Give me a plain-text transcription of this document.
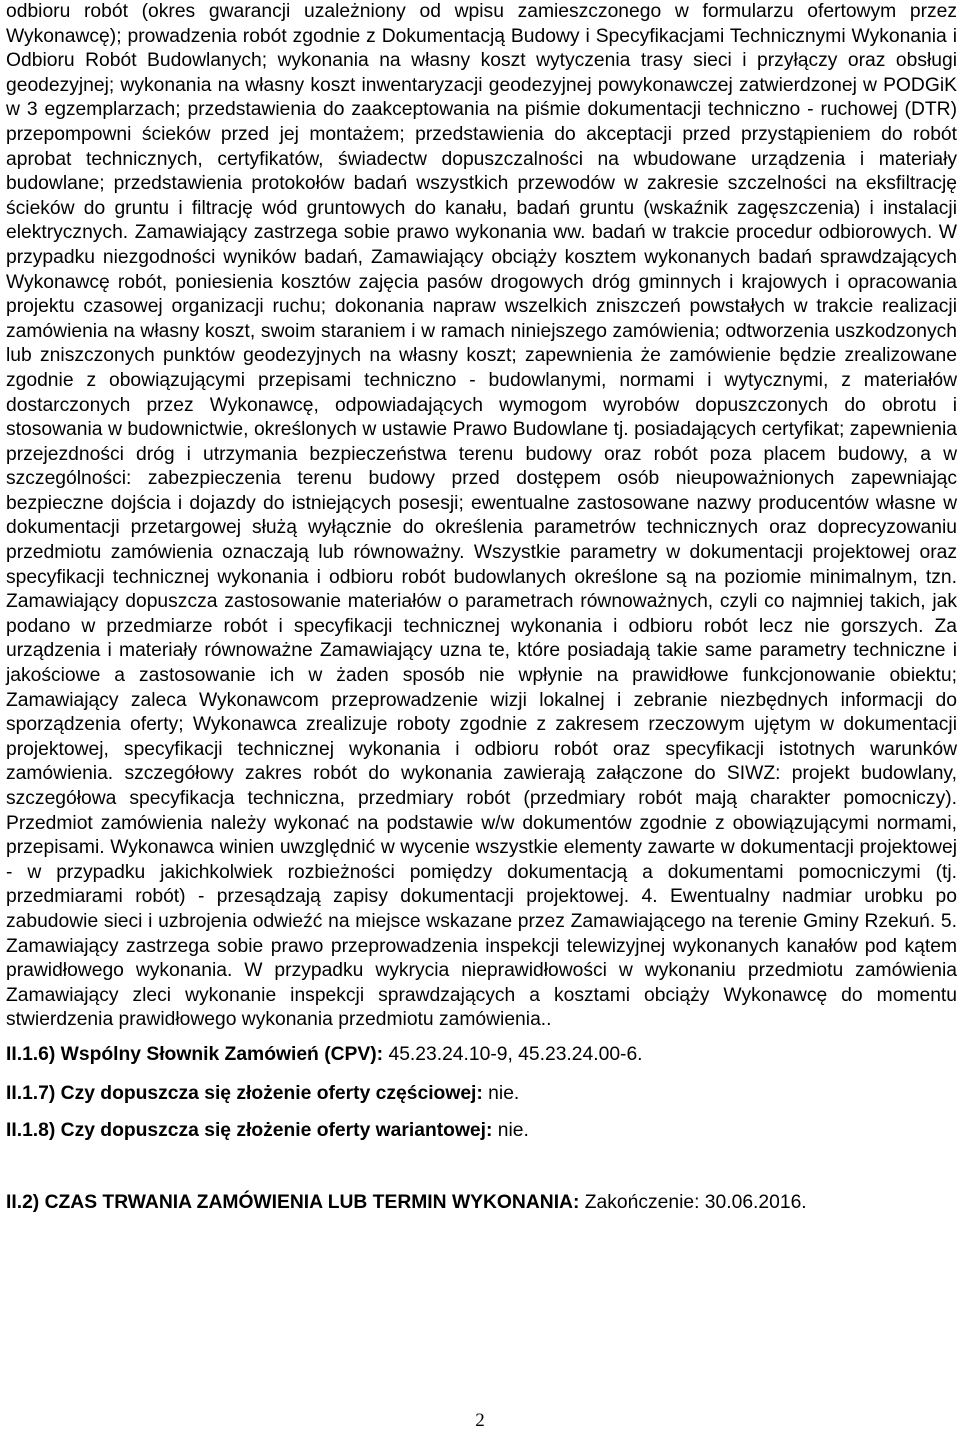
odbioru robót (okres gwarancji uzależniony od wpisu zamieszczonego w formularzu ofertowym przez Wykonawcę); prowadzenia robót zgodnie z Dokumentacją Budowy i Specyfikacjami Technicznymi Wykonania i Odbioru Robót Budowlanych; wykonania na własny koszt wytyczenia trasy sieci i przyłączy oraz obsługi geodezyjnej; wykonania na własny koszt inwentaryzacji geodezyjnej powykonawczej zatwierdzonej w PODGiK w 3 egzemplarzach; przedstawienia do zaakceptowania na piśmie dokumentacji techniczno - ruchowej (DTR) przepompowni ścieków przed jej montażem; przedstawienia do akceptacji przed przystąpieniem do robót aprobat technicznych, certyfikatów, świadectw dopuszczalności na wbudowane urządzenia i materiały budowlane; przedstawienia protokołów badań wszystkich przewodów w zakresie szczelności na eksfiltrację ścieków do gruntu i filtrację wód gruntowych do kanału, badań gruntu (wskaźnik zagęszczenia) i instalacji elektrycznych. Zamawiający zastrzega sobie prawo wykonania ww. badań w trakcie procedur odbiorowych. W przypadku niezgodności wyników badań, Zamawiający obciąży kosztem wykonanych badań sprawdzających Wykonawcę robót, poniesienia kosztów zajęcia pasów drogowych dróg gminnych i krajowych i opracowania projektu czasowej organizacji ruchu; dokonania napraw wszelkich zniszczeń powstałych w trakcie realizacji zamówienia na własny koszt, swoim staraniem i w ramach niniejszego zamówienia; odtworzenia uszkodzonych lub zniszczonych punktów geodezyjnych na własny koszt; zapewnienia że zamówienie będzie zrealizowane zgodnie z obowiązującymi przepisami techniczno - budowlanymi, normami i wytycznymi, z materiałów dostarczonych przez Wykonawcę, odpowiadających wymogom wyrobów dopuszczonych do obrotu i stosowania w budownictwie, określonych w ustawie Prawo Budowlane tj. posiadających certyfikat; zapewnienia przejezdności dróg i utrzymania bezpieczeństwa terenu budowy oraz robót poza placem budowy, a w szczególności: zabezpieczenia terenu budowy przed dostępem osób nieupoważnionych zapewniając bezpieczne dojścia i dojazdy do istniejących posesji; ewentualne zastosowane nazwy producentów własne w dokumentacji przetargowej służą wyłącznie do określenia parametrów technicznych oraz doprecyzowaniu przedmiotu zamówienia oznaczają lub równoważny. Wszystkie parametry w dokumentacji projektowej oraz specyfikacji technicznej wykonania i odbioru robót budowlanych określone są na poziomie minimalnym, tzn. Zamawiający dopuszcza zastosowanie materiałów o parametrach równoważnych, czyli co najmniej takich, jak podano w przedmiarze robót i specyfikacji technicznej wykonania i odbioru robót lecz nie gorszych. Za urządzenia i materiały równoważne Zamawiający uzna te, które posiadają takie same parametry techniczne i jakościowe a zastosowanie ich w żaden sposób nie wpłynie na prawidłowe funkcjonowanie obiektu; Zamawiający zaleca Wykonawcom przeprowadzenie wizji lokalnej i zebranie niezbędnych informacji do sporządzenia oferty; Wykonawca zrealizuje roboty zgodnie z zakresem rzeczowym ujętym w dokumentacji projektowej, specyfikacji technicznej wykonania i odbioru robót oraz specyfikacji istotnych warunków zamówienia. szczegółowy zakres robót do wykonania zawierają załączone do SIWZ: projekt budowlany, szczegółowa specyfikacja techniczna, przedmiary robót (przedmiary robót mają charakter pomocniczy). Przedmiot zamówienia należy wykonać na podstawie w/w dokumentów zgodnie z obowiązującymi normami, przepisami. Wykonawca winien uwzględnić w wycenie wszystkie elementy zawarte w dokumentacji projektowej - w przypadku jakichkolwiek rozbieżności pomiędzy dokumentacją a dokumentami pomocniczymi (tj. przedmiarami robót) - przesądzają zapisy dokumentacji projektowej. 4. Ewentualny nadmiar urobku po zabudowie sieci i uzbrojenia odwieźć na miejsce wskazane przez Zamawiającego na terenie Gminy Rzekuń. 5. Zamawiający zastrzega sobie prawo przeprowadzenia inspekcji telewizyjnej wykonanych kanałów pod kątem prawidłowego wykonania. W przypadku wykrycia nieprawidłowości w wykonaniu przedmiotu zamówienia Zamawiający zleci wykonanie inspekcji sprawdzających a kosztami obciąży Wykonawcę do momentu stwierdzenia prawidłowego wykonania przedmiotu zamówienia..

II.1.6) Wspólny Słownik Zamówień (CPV): 45.23.24.10-9, 45.23.24.00-6.

II.1.7) Czy dopuszcza się złożenie oferty częściowej: nie.

II.1.8) Czy dopuszcza się złożenie oferty wariantowej: nie.

II.2) CZAS TRWANIA ZAMÓWIENIA LUB TERMIN WYKONANIA: Zakończenie: 30.06.2016.

2
